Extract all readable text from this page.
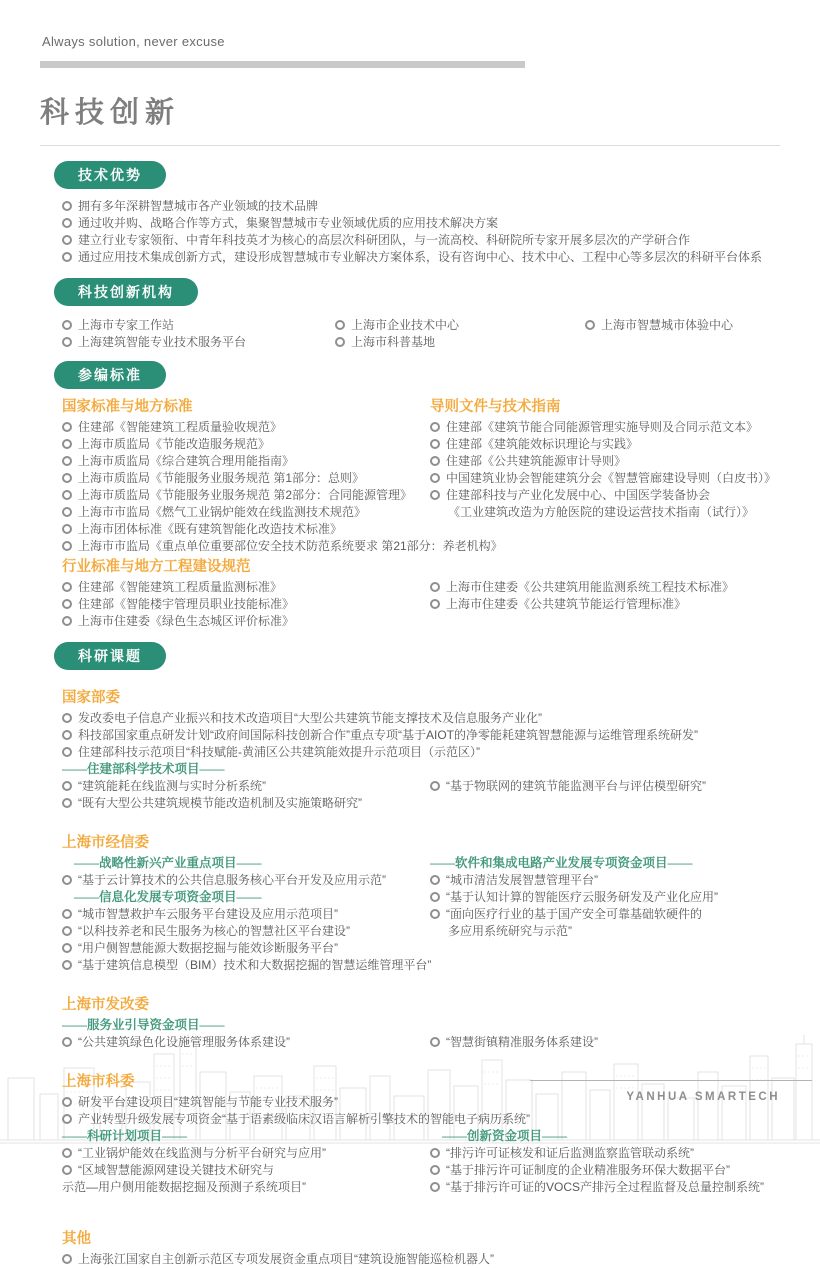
YANHUA SMARTECH
Always solution, never excuse
科技创新
技术优势
拥有多年深耕智慧城市各产业领域的技术品牌
通过收并购、战略合作等方式，集聚智慧城市专业领域优质的应用技术解决方案
建立行业专家领衔、中青年科技英才为核心的高层次科研团队，与一流高校、科研院所专家开展多层次的产学研合作
通过应用技术集成创新方式，建设形成智慧城市专业解决方案体系，设有咨询中心、技术中心、工程中心等多层次的科研平台体系
科技创新机构
上海市专家工作站
上海建筑智能专业技术服务平台
上海市企业技术中心
上海市科普基地
上海市智慧城市体验中心
参编标准
国家标准与地方标准
住建部《智能建筑工程质量验收规范》
上海市质监局《节能改造服务规范》
上海市质监局《综合建筑合理用能指南》
上海市质监局《节能服务业服务规范 第1部分：总则》
上海市质监局《节能服务业服务规范 第2部分：合同能源管理》
上海市市监局《燃气工业锅炉能效在线监测技术规范》
上海市团体标准《既有建筑智能化改造技术标准》
上海市市监局《重点单位重要部位安全技术防范系统要求 第21部分：养老机构》
导则文件与技术指南
住建部《建筑节能合同能源管理实施导则及合同示范文本》
住建部《建筑能效标识理论与实践》
住建部《公共建筑能源审计导则》
中国建筑业协会智能建筑分会《智慧管廊建设导则（白皮书）》
住建部科技与产业化发展中心、中国医学装备协会
《工业建筑改造为方舱医院的建设运营技术指南（试行）》
行业标准与地方工程建设规范
住建部《智能建筑工程质量监测标准》
住建部《智能楼宇管理员职业技能标准》
上海市住建委《绿色生态城区评价标准》
上海市住建委《公共建筑用能监测系统工程技术标准》
上海市住建委《公共建筑节能运行管理标准》
科研课题
国家部委
发改委电子信息产业振兴和技术改造项目“大型公共建筑节能支撑技术及信息服务产业化”
科技部国家重点研发计划“政府间国际科技创新合作”重点专项“基于AIOT的净零能耗建筑智慧能源与运维管理系统研发”
住建部科技示范项目“科技赋能-黄浦区公共建筑能效提升示范项目（示范区）”
——住建部科学技术项目——
“建筑能耗在线监测与实时分析系统”
“既有大型公共建筑规模节能改造机制及实施策略研究”
“基于物联网的建筑节能监测平台与评估模型研究”
上海市经信委
——战略性新兴产业重点项目——
“基于云计算技术的公共信息服务核心平台开发及应用示范”
——信息化发展专项资金项目——
“城市智慧救护车云服务平台建设及应用示范项目”
“以科技养老和民生服务为核心的智慧社区平台建设”
“用户侧智慧能源大数据挖掘与能效诊断服务平台”
“基于建筑信息模型（BIM）技术和大数据挖掘的智慧运维管理平台”
——软件和集成电路产业发展专项资金项目——
“城市清洁发展智慧管理平台”
“基于认知计算的智能医疗云服务研发及产业化应用”
“面向医疗行业的基于国产安全可靠基础软硬件的
多应用系统研究与示范”
上海市发改委
——服务业引导资金项目——
“公共建筑绿色化设施管理服务体系建设”	“智慧街镇精准服务体系建设”
上海市科委
研发平台建设项目“建筑智能与节能专业技术服务”
产业转型升级发展专项资金“基于语素级临床汉语言解析引擎技术的智能电子病历系统”
——科研计划项目——
“工业锅炉能效在线监测与分析平台研究与应用”
“区域智慧能源网建设关键技术研究与
示范—用户侧用能数据挖掘及预测子系统项目”
——创新资金项目——
“排污许可证核发和证后监测监察监管联动系统”
“基于排污许可证制度的企业精准服务环保大数据平台”
“基于排污许可证的VOCS产排污全过程监督及总量控制系统”
其他
上海张江国家自主创新示范区专项发展资金重点项目“建筑设施智能巡检机器人”
